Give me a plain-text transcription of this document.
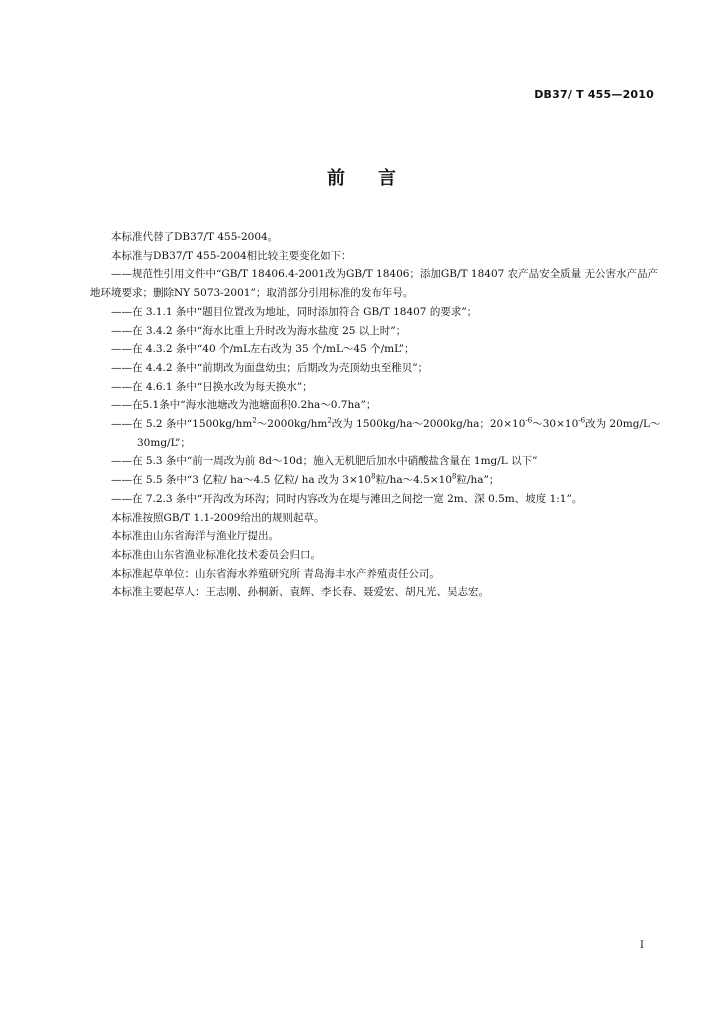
DB37/ T 455—2010
前 言

本标准代替了DB37/T 455-2004。

本标准与DB37/T 455-2004相比较主要变化如下：

——规范性引用文件中“GB/T 18406.4-2001改为GB/T 18406；添加GB/T 18407 农产品安全质量 无公害水产品产地环境要求；删除NY 5073-2001”；取消部分引用标准的发布年号。

——在 3.1.1 条中“题目位置改为地址，同时添加符合 GB/T 18407 的要求”；

——在 3.4.2 条中“海水比重上升时改为海水盐度 25 以上时”；

——在 4.3.2 条中“40 个/mL左右改为 35 个/mL～45 个/mL”；

——在 4.4.2 条中“前期改为面盘幼虫；后期改为壳顶幼虫至稚贝”；

——在 4.6.1 条中“日换水改为每天换水”；

——在5.1条中“海水池塘改为池塘面积0.2ha～0.7ha”；

——在 5.2 条中“$1500kg/hm^2\sim 2000kg/hm^2$改为 1500kg/ha～2000kg/ha；$20\times 10^{-6}\sim 30\times 10^{-6}$改为 20mg/L～30mg/L”；

——在 5.3 条中“前一周改为前 8d～10d；施入无机肥后加水中硝酸盐含量在 1mg/L 以下”

——在 5.5 条中“3 亿粒/ ha～4.5 亿粒/ ha 改为 $3\times 10^8$粒$/ha\sim 4.5\times 10^8$粒/ha”；

——在 7.2.3 条中“开沟改为环沟；同时内容改为在堤与滩田之间挖一宽 2m、深 0.5m、坡度 1:1”。

本标准按照GB/T 1.1-2009给出的规则起草。

本标准由山东省海洋与渔业厅提出。

本标准由山东省渔业标准化技术委员会归口。

本标准起草单位：山东省海水养殖研究所 青岛海丰水产养殖责任公司。

本标准主要起草人：王志刚、孙桐新、袁辉、李长春、聂爱宏、胡凡光、吴志宏。

I
